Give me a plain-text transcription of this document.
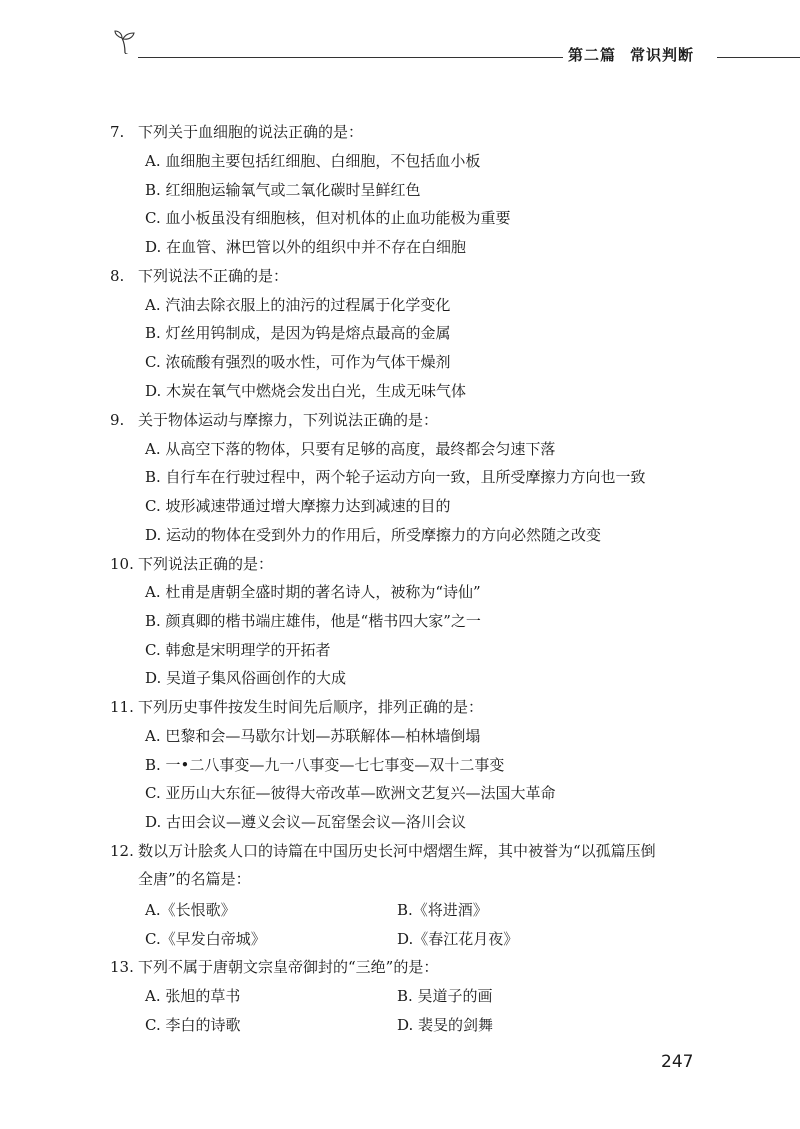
第二篇 常识判断
7. 下列关于血细胞的说法正确的是：
A. 血细胞主要包括红细胞、白细胞，不包括血小板
B. 红细胞运输氧气或二氧化碳时呈鲜红色
C. 血小板虽没有细胞核，但对机体的止血功能极为重要
D. 在血管、淋巴管以外的组织中并不存在白细胞
8. 下列说法不正确的是：
A. 汽油去除衣服上的油污的过程属于化学变化
B. 灯丝用钨制成，是因为钨是熔点最高的金属
C. 浓硫酸有强烈的吸水性，可作为气体干燥剂
D. 木炭在氧气中燃烧会发出白光，生成无味气体
9. 关于物体运动与摩擦力，下列说法正确的是：
A. 从高空下落的物体，只要有足够的高度，最终都会匀速下落
B. 自行车在行驶过程中，两个轮子运动方向一致，且所受摩擦力方向也一致
C. 坡形减速带通过增大摩擦力达到减速的目的
D. 运动的物体在受到外力的作用后，所受摩擦力的方向必然随之改变
10. 下列说法正确的是：
A. 杜甫是唐朝全盛时期的著名诗人，被称为“诗仙”
B. 颜真卿的楷书端庄雄伟，他是“楷书四大家”之一
C. 韩愈是宋明理学的开拓者
D. 吴道子集风俗画创作的大成
11. 下列历史事件按发生时间先后顺序，排列正确的是：
A. 巴黎和会—马歇尔计划—苏联解体—柏林墙倒塌
B. 一•二八事变—九一八事变—七七事变—双十二事变
C. 亚历山大东征—彼得大帝改革—欧洲文艺复兴—法国大革命
D. 古田会议—遵义会议—瓦窑堡会议—洛川会议
12. 数以万计脍炙人口的诗篇在中国历史长河中熠熠生辉，其中被誉为“以孤篇压倒
全唐”的名篇是：
A.《长恨歌》	B.《将进酒》
C.《早发白帝城》	D.《春江花月夜》
13. 下列不属于唐朝文宗皇帝御封的“三绝”的是：
A. 张旭的草书	B. 吴道子的画
C. 李白的诗歌	D. 裴旻的剑舞
247
